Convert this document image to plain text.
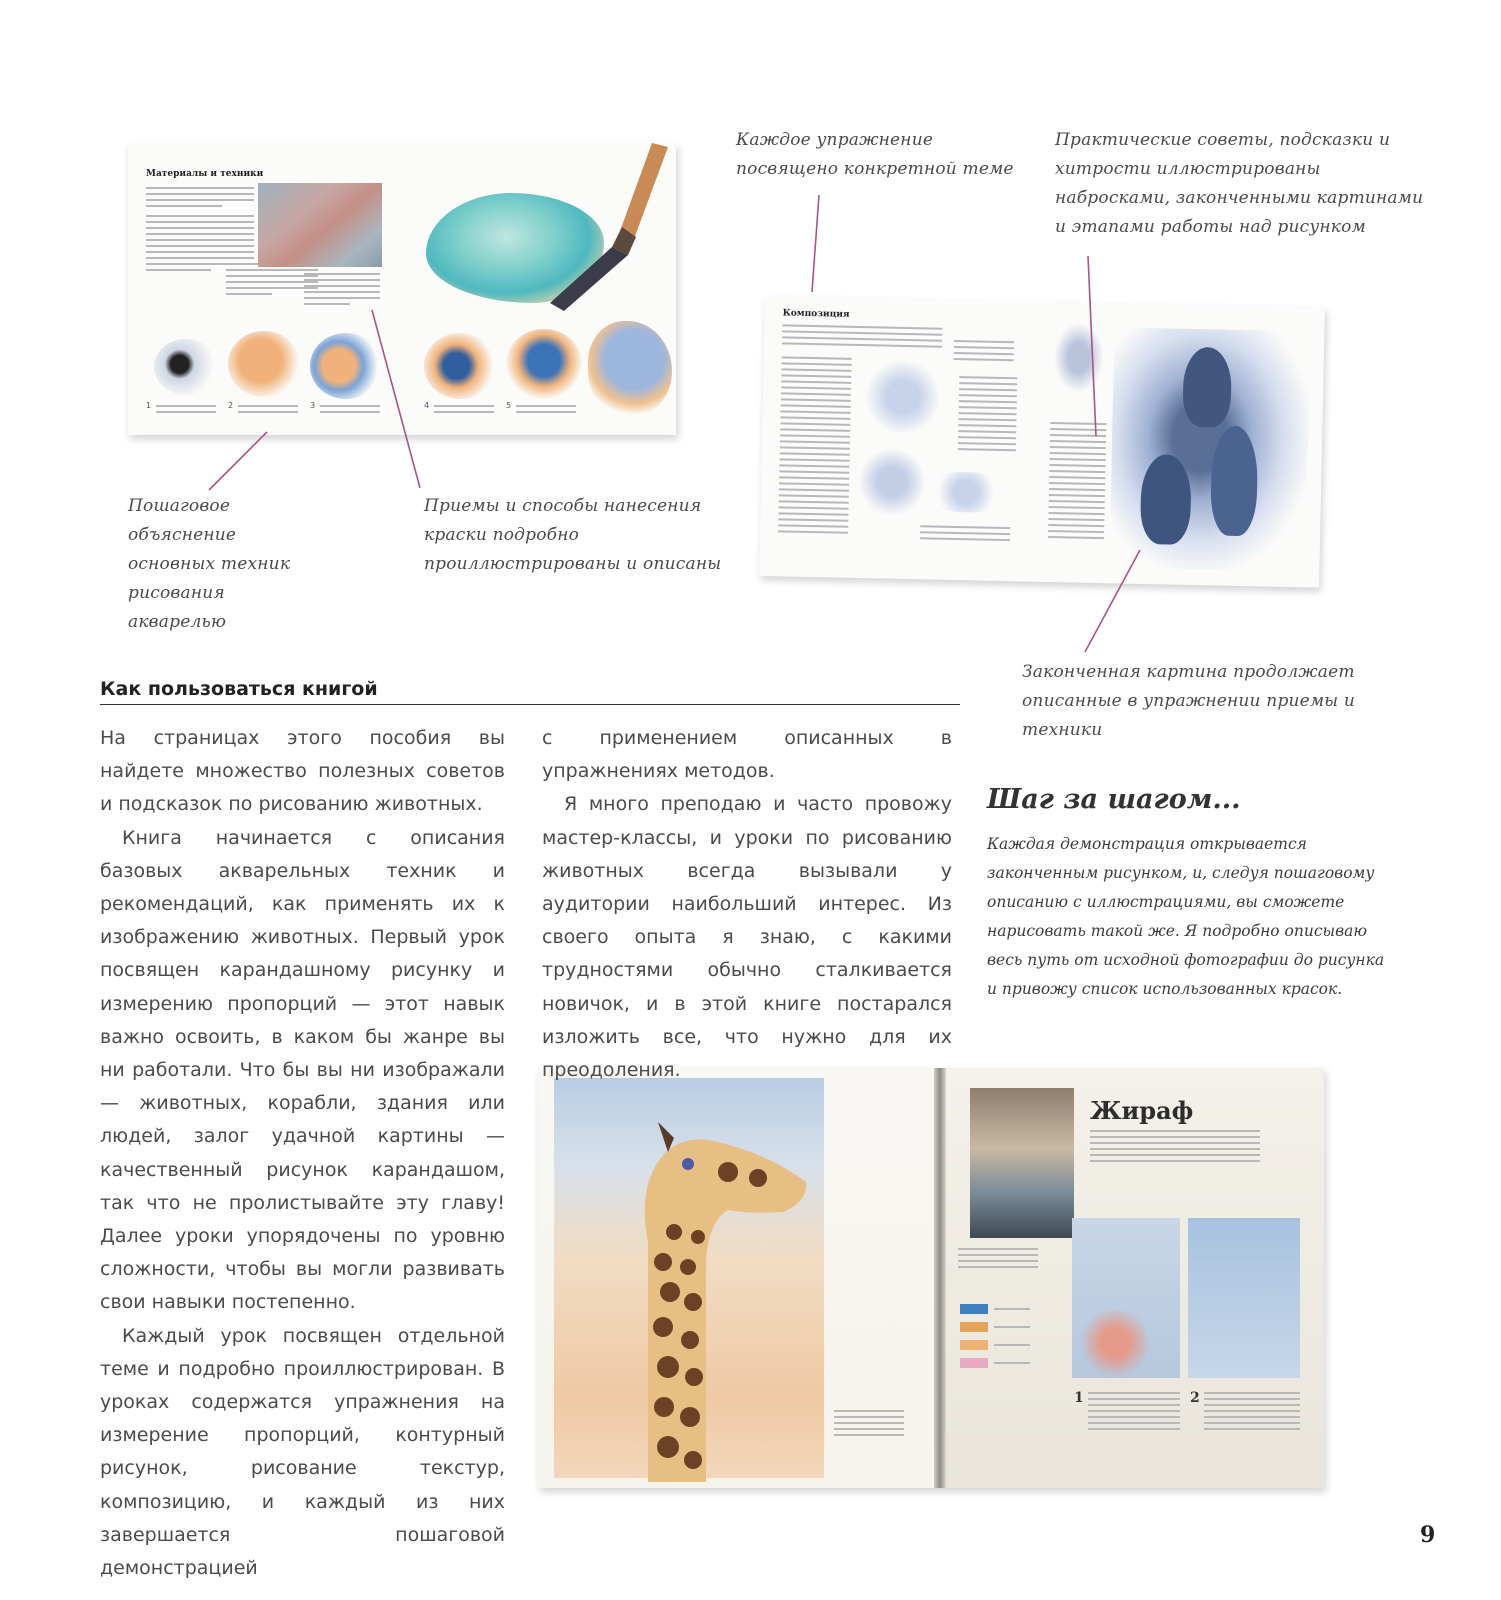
Материалы и техники
1	2	3	4	5
Композиция
Жираф
1	2
Каждое упражнение посвящено конкретной теме
Практические советы, подсказки и хитрости иллюстрированы набросками, законченными картинами и этапами работы над рисунком
Пошаговое объяснение основных техник рисования акварелью
Приемы и способы нанесения краски подробно проиллюстрированы и описаны
Законченная картина продолжает описанные в упражнении приемы и техники
Как пользоваться книгой

На страницах этого пособия вы найдете множество полезных советов и подсказок по рисованию животных.

Книга начинается с описания базовых акварельных техник и рекомендаций, как применять их к изображению животных. Первый урок посвящен карандашному рисунку и измерению пропорций — этот навык важно освоить, в каком бы жанре вы ни работали. Что бы вы ни изображали — животных, корабли, здания или людей, залог удачной картины — качественный рисунок карандашом, так что не пролистывайте эту главу! Далее уроки упорядочены по уровню сложности, чтобы вы могли развивать свои навыки постепенно.

Каждый урок посвящен отдельной теме и подробно проиллюстрирован. В уроках содержатся упражнения на измерение пропорций, контурный рисунок, рисование текстур, композицию, и каждый из них завершается пошаговой демонстрацией

с применением описанных в упражнениях методов.

Я много преподаю и часто провожу мастер-классы, и уроки по рисованию животных всегда вызывали у аудитории наибольший интерес. Из своего опыта я знаю, с какими трудностями обычно сталкивается новичок, и в этой книге постарался изложить все, что нужно для их преодоления.

Шаг за шагом...
Каждая демонстрация открывается законченным рисунком, и, следуя пошаговому описанию с иллюстрациями, вы сможете нарисовать такой же. Я подробно описываю весь путь от исходной фотографии до рисунка и привожу список использованных красок.
9
